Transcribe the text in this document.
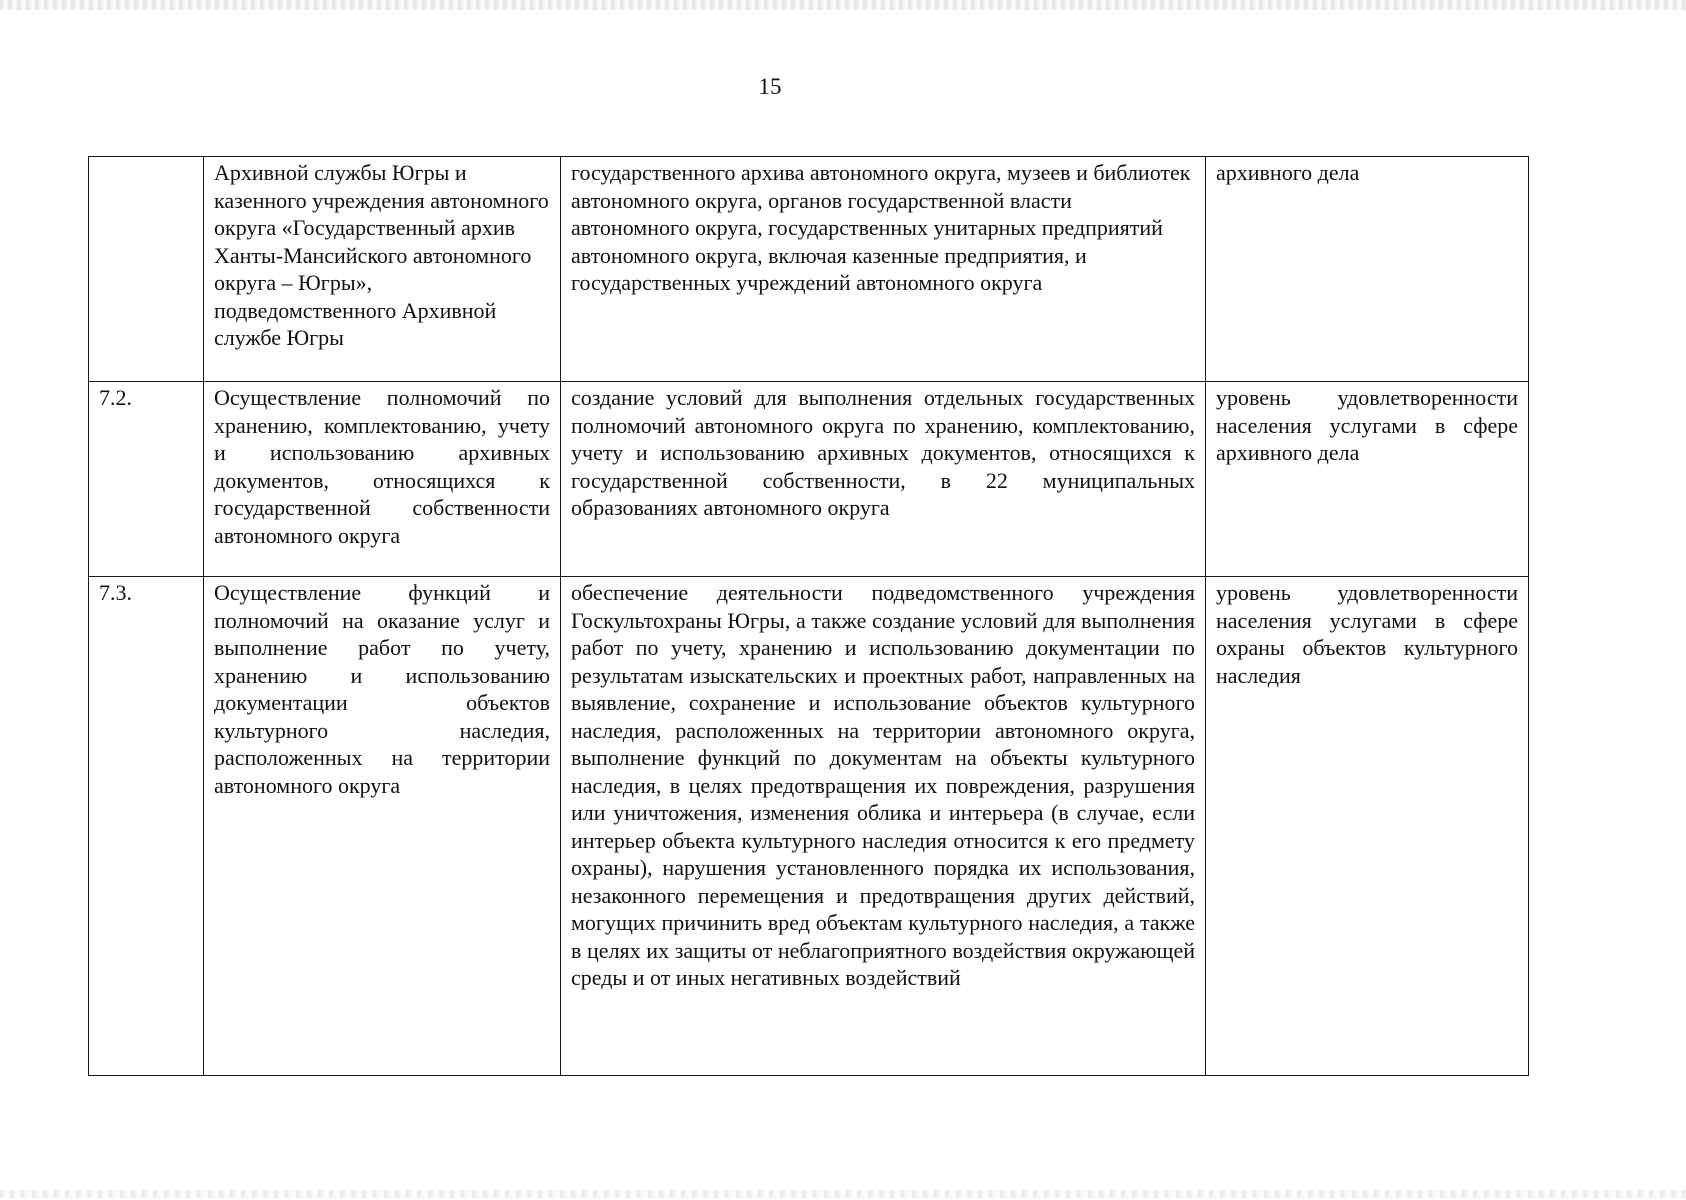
15
	Архивной службы Югры и казенного учреждения автономного округа «Государственный архив Ханты-Мансийского автономного округа – Югры», подведомственного Архивной службе Югры	государственного архива автономного округа, музеев и библиотек автономного округа, органов государственной власти автономного округа, государственных унитарных предприятий автономного округа, включая казенные предприятия, и государственных учреждений автономного округа	архивного дела
7.2.	Осуществление полномочий по хранению, комплектованию, учету и использованию архивных документов, относящихся к государственной собственности автономного округа	создание условий для выполнения отдельных государственных полномочий автономного округа по хранению, комплектованию, учету и использованию архивных документов, относящихся к государственной собственности, в 22 муниципальных образованиях автономного округа	уровень удовлетворенности населения услугами в сфере архивного дела
7.3.	Осуществление функций и полномочий на оказание услуг и выполнение работ по учету, хранению и использованию документации объектов культурного наследия, расположенных на территории автономного округа	обеспечение деятельности подведомственного учреждения Госкультохраны Югры, а также создание условий для выполнения работ по учету, хранению и использованию документации по результатам изыскательских и проектных работ, направленных на выявление, сохранение и использование объектов культурного наследия, расположенных на территории автономного округа, выполнение функций по документам на объекты культурного наследия, в целях предотвращения их повреждения, разрушения или уничтожения, изменения облика и интерьера (в случае, если интерьер объекта культурного наследия относится к его предмету охраны), нарушения установленного порядка их использования, незаконного перемещения и предотвращения других действий, могущих причинить вред объектам культурного наследия, а также в целях их защиты от неблагоприятного воздействия окружающей среды и от иных негативных воздействий	уровень удовлетворенности населения услугами в сфере охраны объектов культурного наследия
